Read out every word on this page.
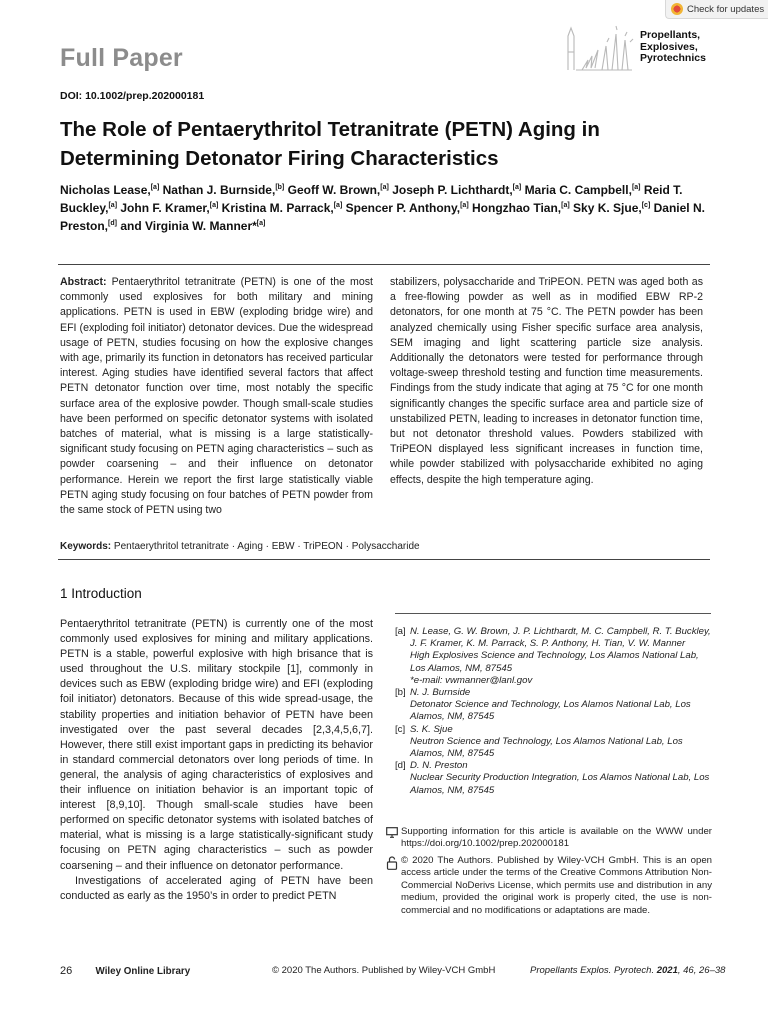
Check for updates
Full Paper
DOI: 10.1002/prep.202000181
Propellants,
Explosives,
Pyrotechnics
The Role of Pentaerythritol Tetranitrate (PETN) Aging in
Determining Detonator Firing Characteristics
Nicholas Lease,[a] Nathan J. Burnside,[b] Geoff W. Brown,[a] Joseph P. Lichthardt,[a] Maria C. Campbell,[a] Reid T. Buckley,[a] John F. Kramer,[a] Kristina M. Parrack,[a] Spencer P. Anthony,[a] Hongzhao Tian,[a] Sky K. Sjue,[c] Daniel N. Preston,[d] and Virginia W. Manner*[a]
Abstract: Pentaerythritol tetranitrate (PETN) is one of the most commonly used explosives for both military and mining applications. PETN is used in EBW (exploding bridge wire) and EFI (exploding foil initiator) detonator devices. Due the widespread usage of PETN, studies focusing on how the explosive changes with age, primarily its function in detonators has received particular interest. Aging studies have identified several factors that affect PETN detonator function over time, most notably the specific surface area of the explosive powder. Though small-scale studies have been performed on specific detonator systems with isolated batches of material, what is missing is a large statistically-significant study focusing on PETN aging characteristics – such as powder coarsening – and their influence on detonator performance. Herein we report the first large statistically viable PETN aging study focusing on four batches of PETN powder from the same stock of PETN using two
stabilizers, polysaccharide and TriPEON. PETN was aged both as a free-flowing powder as well as in modified EBW RP-2 detonators, for one month at 75 °C. The PETN powder has been analyzed chemically using Fisher specific surface area analysis, SEM imaging and light scattering particle size analysis. Additionally the detonators were tested for performance through voltage-sweep threshold testing and function time measurements. Findings from the study indicate that aging at 75 °C for one month significantly changes the specific surface area and particle size of unstabilized PETN, leading to increases in detonator function time, but not detonator threshold values. Powders stabilized with TriPEON displayed less significant increases in function time, while powder stabilized with polysaccharide exhibited no aging effects, despite the high temperature aging.
Keywords: Pentaerythritol tetranitrate · Aging · EBW · TriPEON · Polysaccharide
1 Introduction

Pentaerythritol tetranitrate (PETN) is currently one of the most commonly used explosives for mining and military applications. PETN is a stable, powerful explosive with high brisance that is used throughout the U.S. military stockpile [1], commonly in devices such as EBW (exploding bridge wire) and EFI (exploding foil initiator) detonators. Because of this wide spread-usage, the stability properties and initiation behavior of PETN have been investigated over the past several decades [2,3,4,5,6,7]. However, there still exist important gaps in predicting its behavior in standard commercial detonators over long periods of time. In general, the analysis of aging characteristics of explosives and their influence on initiation behavior is an important topic of interest [8,9,10]. Though small-scale studies have been performed on specific detonator systems with isolated batches of material, what is missing is a large statistically-significant study focusing on PETN aging characteristics – such as powder coarsening – and their influence on detonator performance.

Investigations of accelerated aging of PETN have been conducted as early as the 1950’s in order to predict PETN

[a] N. Lease, G. W. Brown, J. P. Lichthardt, M. C. Campbell, R. T. Buckley, J. F. Kramer, K. M. Parrack, S. P. Anthony, H. Tian, V. W. Manner
High Explosives Science and Technology, Los Alamos National Lab, Los Alamos, NM, 87545
*e-mail: vwmanner@lanl.gov
[b] N. J. Burnside
Detonator Science and Technology, Los Alamos National Lab, Los Alamos, NM, 87545
[c] S. K. Sjue
Neutron Science and Technology, Los Alamos National Lab, Los Alamos, NM, 87545
[d] D. N. Preston
Nuclear Security Production Integration, Los Alamos National Lab, Los Alamos, NM, 87545
Supporting information for this article is available on the WWW under https://doi.org/10.1002/prep.202000181
© 2020 The Authors. Published by Wiley-VCH GmbH. This is an open access article under the terms of the Creative Commons Attribution Non-Commercial NoDerivs License, which permits use and distribution in any medium, provided the original work is properly cited, the use is non-commercial and no modifications or adaptations are made.
26 Wiley Online Library	© 2020 The Authors. Published by Wiley-VCH GmbH	Propellants Explos. Pyrotech. 2021, 46, 26–38
